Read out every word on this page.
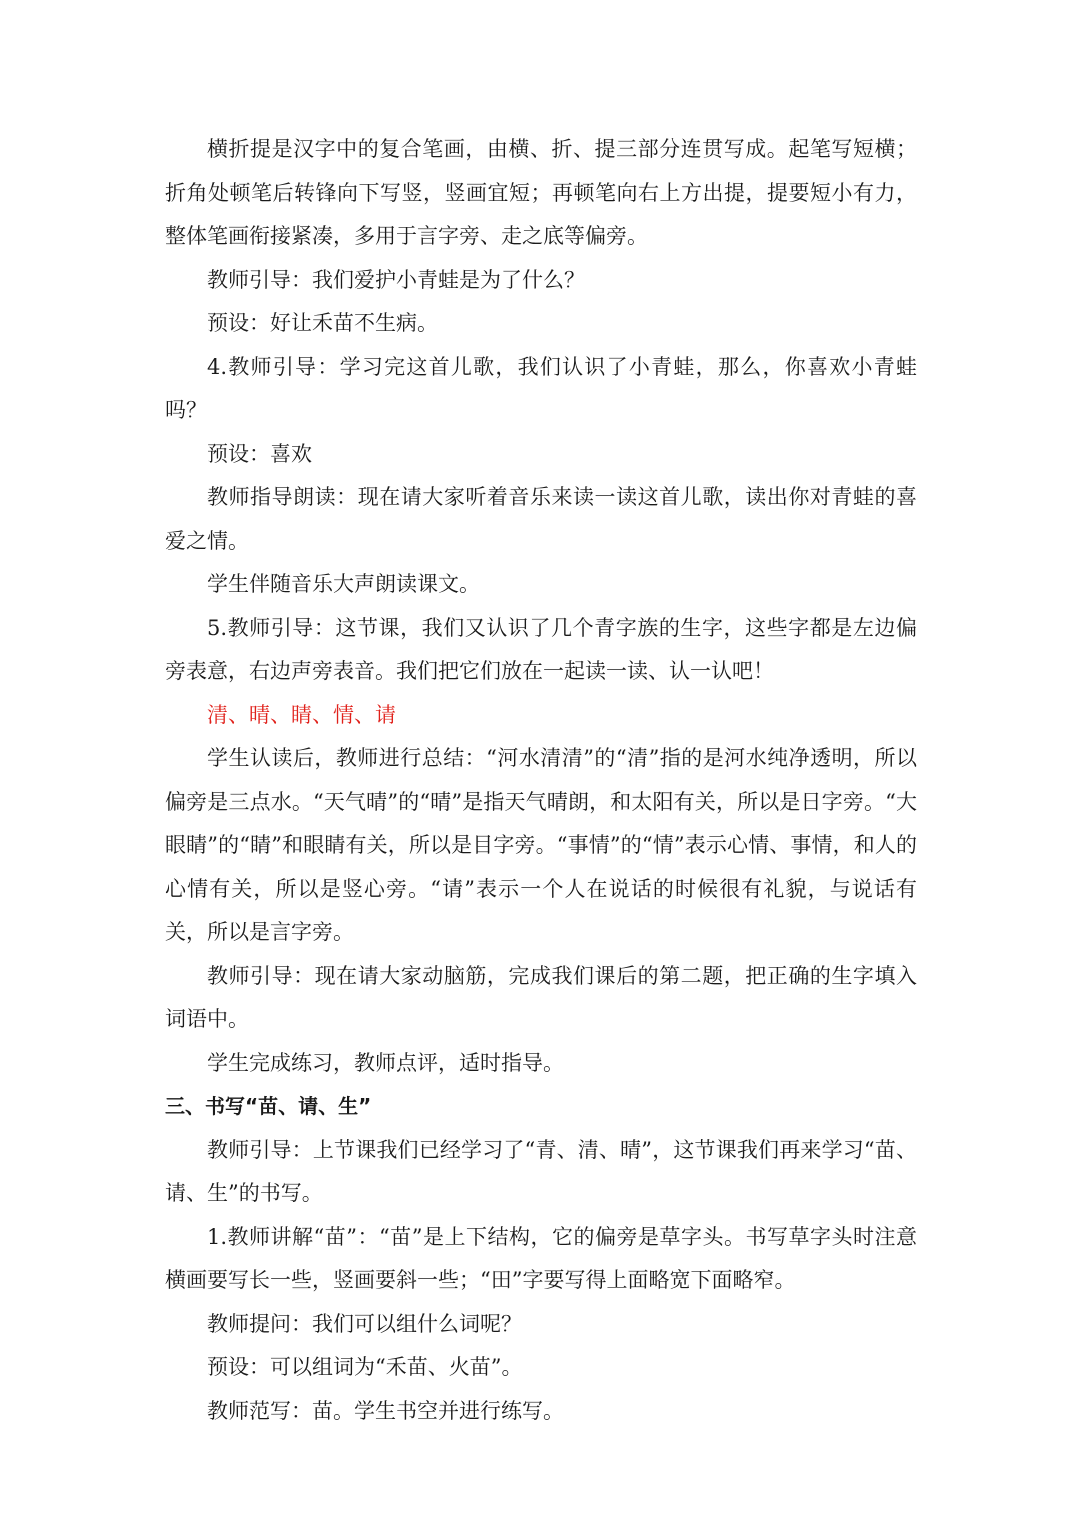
横折提是汉字中的复合笔画，由横、折、提三部分连贯写成。起笔写短横；折角处顿笔后转锋向下写竖，竖画宜短；再顿笔向右上方出提，提要短小有力，整体笔画衔接紧凑，多用于言字旁、走之底等偏旁。

教师引导：我们爱护小青蛙是为了什么？

预设：好让禾苗不生病。

4.教师引导：学习完这首儿歌，我们认识了小青蛙，那么，你喜欢小青蛙吗？

预设：喜欢

教师指导朗读：现在请大家听着音乐来读一读这首儿歌，读出你对青蛙的喜爱之情。

学生伴随音乐大声朗读课文。

5.教师引导：这节课，我们又认识了几个青字族的生字，这些字都是左边偏旁表意，右边声旁表音。我们把它们放在一起读一读、认一认吧！

清、晴、睛、情、请

学生认读后，教师进行总结：“河水清清”的“清”指的是河水纯净透明，所以偏旁是三点水。“天气晴”的“晴”是指天气晴朗，和太阳有关，所以是日字旁。“大眼睛”的“睛”和眼睛有关，所以是目字旁。“事情”的“情”表示心情、事情，和人的心情有关，所以是竖心旁。“请”表示一个人在说话的时候很有礼貌，与说话有关，所以是言字旁。

教师引导：现在请大家动脑筋，完成我们课后的第二题，把正确的生字填入词语中。

学生完成练习，教师点评，适时指导。

三、书写“苗、请、生”

教师引导：上节课我们已经学习了“青、清、晴”，这节课我们再来学习“苗、请、生”的书写。

1.教师讲解“苗”：“苗”是上下结构，它的偏旁是草字头。书写草字头时注意横画要写长一些，竖画要斜一些；“田”字要写得上面略宽下面略窄。

教师提问：我们可以组什么词呢？

预设：可以组词为“禾苗、火苗”。

教师范写：苗。学生书空并进行练写。
